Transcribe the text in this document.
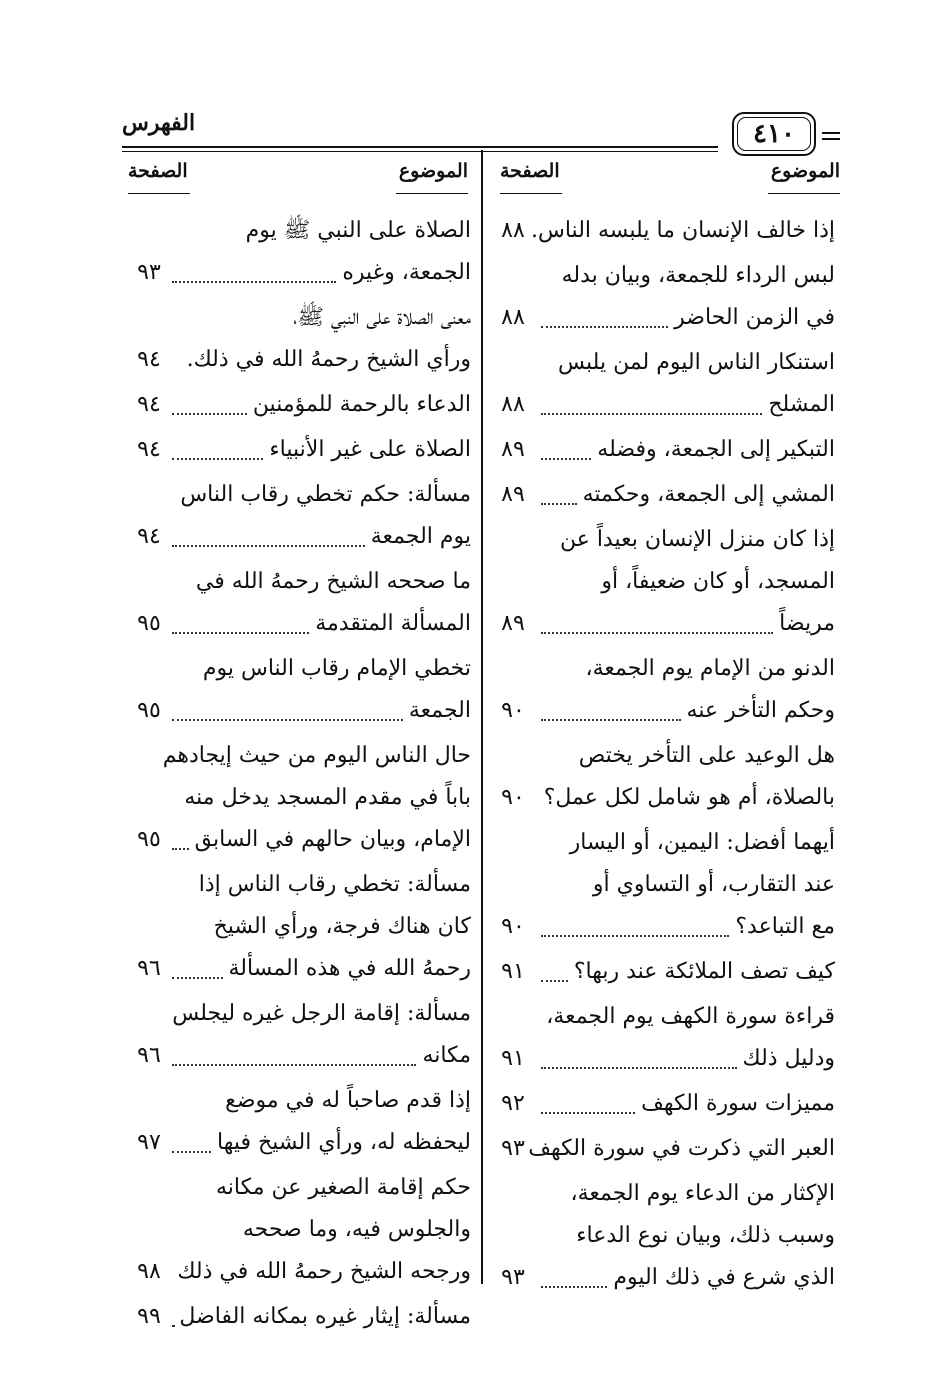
الفهرس	٤١٠
الموضوع
الصفحة
الموضوع
الصفحة
إذا خالف الإنسان ما يلبسه الناس.
٨٨
لبس الرداء للجمعة، وبيان بدله
في الزمن الحاضر
٨٨
استنكار الناس اليوم لمن يلبس
المشلح
٨٨
التبكير إلى الجمعة، وفضله
٨٩
المشي إلى الجمعة، وحكمته
٨٩
إذا كان منزل الإنسان بعيداً عن
المسجد، أو كان ضعيفاً، أو
مريضاً
٨٩
الدنو من الإمام يوم الجمعة،
وحكم التأخر عنه
٩٠
هل الوعيد على التأخر يختص
بالصلاة، أم هو شامل لكل عمل؟
٩٠
أيهما أفضل: اليمين، أو اليسار
عند التقارب، أو التساوي أو
مع التباعد؟
٩٠
كيف تصف الملائكة عند ربها؟
٩١
قراءة سورة الكهف يوم الجمعة،
ودليل ذلك
٩١
مميزات سورة الكهف
٩٢
العبر التي ذكرت في سورة الكهف
٩٣
الإكثار من الدعاء يوم الجمعة،
وسبب ذلك، وبيان نوع الدعاء
الذي شرع في ذلك اليوم
٩٣
الصلاة على النبي ﷺ يوم
الجمعة، وغيره
٩٣
معنى الصلاة على النبي ﷺ،
ورأي الشيخ رحمهُ الله في ذلك.
٩٤
الدعاء بالرحمة للمؤمنين
٩٤
الصلاة على غير الأنبياء
٩٤
مسألة: حكم تخطي رقاب الناس
يوم الجمعة
٩٤
ما صححه الشيخ رحمهُ الله في
المسألة المتقدمة
٩٥
تخطي الإمام رقاب الناس يوم
الجمعة
٩٥
حال الناس اليوم من حيث إيجادهم
باباً في مقدم المسجد يدخل منه
الإمام، وبيان حالهم في السابق
٩٥
مسألة: تخطي رقاب الناس إذا
كان هناك فرجة، ورأي الشيخ
رحمهُ الله في هذه المسألة
٩٦
مسألة: إقامة الرجل غيره ليجلس
مكانه
٩٦
إذا قدم صاحباً له في موضع
ليحفظه له، ورأي الشيخ فيها
٩٧
حكم إقامة الصغير عن مكانه
والجلوس فيه، وما صححه
ورجحه الشيخ رحمهُ الله في ذلك
٩٨
مسألة: إيثار غيره بمكانه الفاضل
٩٩
